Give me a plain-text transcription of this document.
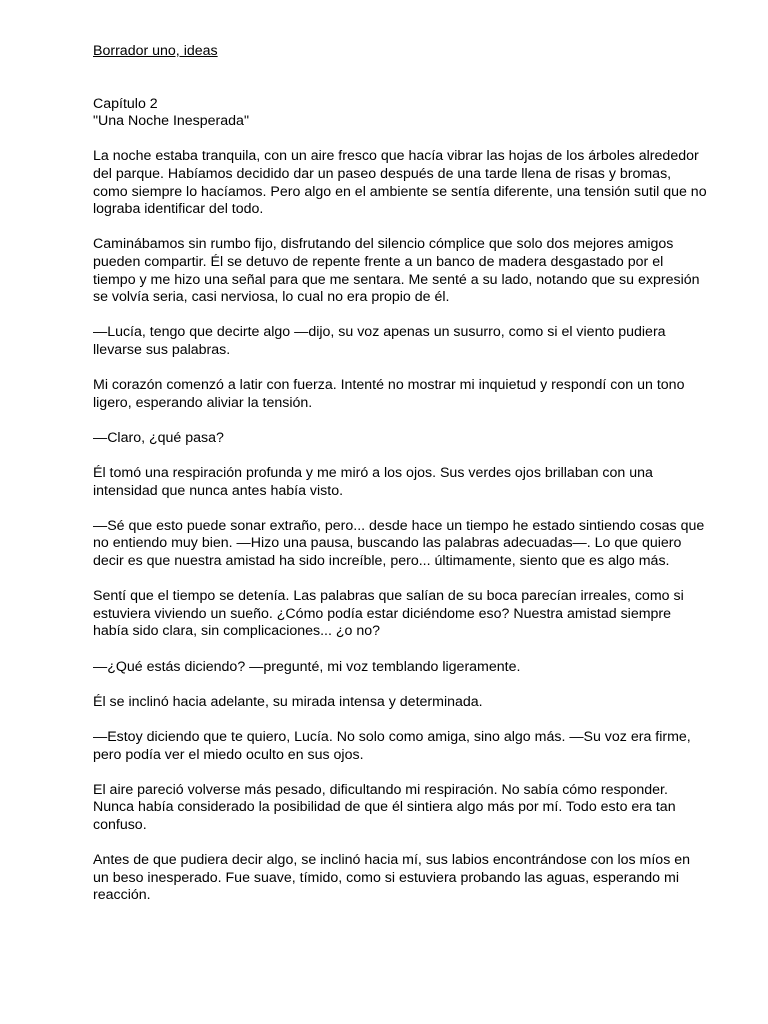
Borrador uno, ideas

Capítulo 2

"Una Noche Inesperada"

La noche estaba tranquila, con un aire fresco que hacía vibrar las hojas de los árboles alrededor del parque. Habíamos decidido dar un paseo después de una tarde llena de risas y bromas, como siempre lo hacíamos. Pero algo en el ambiente se sentía diferente, una tensión sutil que no lograba identificar del todo.

Caminábamos sin rumbo fijo, disfrutando del silencio cómplice que solo dos mejores amigos pueden compartir. Él se detuvo de repente frente a un banco de madera desgastado por el tiempo y me hizo una señal para que me sentara. Me senté a su lado, notando que su expresión se volvía seria, casi nerviosa, lo cual no era propio de él.

—Lucía, tengo que decirte algo —dijo, su voz apenas un susurro, como si el viento pudiera llevarse sus palabras.

Mi corazón comenzó a latir con fuerza. Intenté no mostrar mi inquietud y respondí con un tono ligero, esperando aliviar la tensión.

—Claro, ¿qué pasa?

Él tomó una respiración profunda y me miró a los ojos. Sus verdes ojos brillaban con una intensidad que nunca antes había visto.

—Sé que esto puede sonar extraño, pero... desde hace un tiempo he estado sintiendo cosas que no entiendo muy bien. —Hizo una pausa, buscando las palabras adecuadas—. Lo que quiero decir es que nuestra amistad ha sido increíble, pero... últimamente, siento que es algo más.

Sentí que el tiempo se detenía. Las palabras que salían de su boca parecían irreales, como si estuviera viviendo un sueño. ¿Cómo podía estar diciéndome eso? Nuestra amistad siempre había sido clara, sin complicaciones... ¿o no?

—¿Qué estás diciendo? —pregunté, mi voz temblando ligeramente.

Él se inclinó hacia adelante, su mirada intensa y determinada.

—Estoy diciendo que te quiero, Lucía. No solo como amiga, sino algo más. —Su voz era firme, pero podía ver el miedo oculto en sus ojos.

El aire pareció volverse más pesado, dificultando mi respiración. No sabía cómo responder. Nunca había considerado la posibilidad de que él sintiera algo más por mí. Todo esto era tan confuso.

Antes de que pudiera decir algo, se inclinó hacia mí, sus labios encontrándose con los míos en un beso inesperado. Fue suave, tímido, como si estuviera probando las aguas, esperando mi reacción.
